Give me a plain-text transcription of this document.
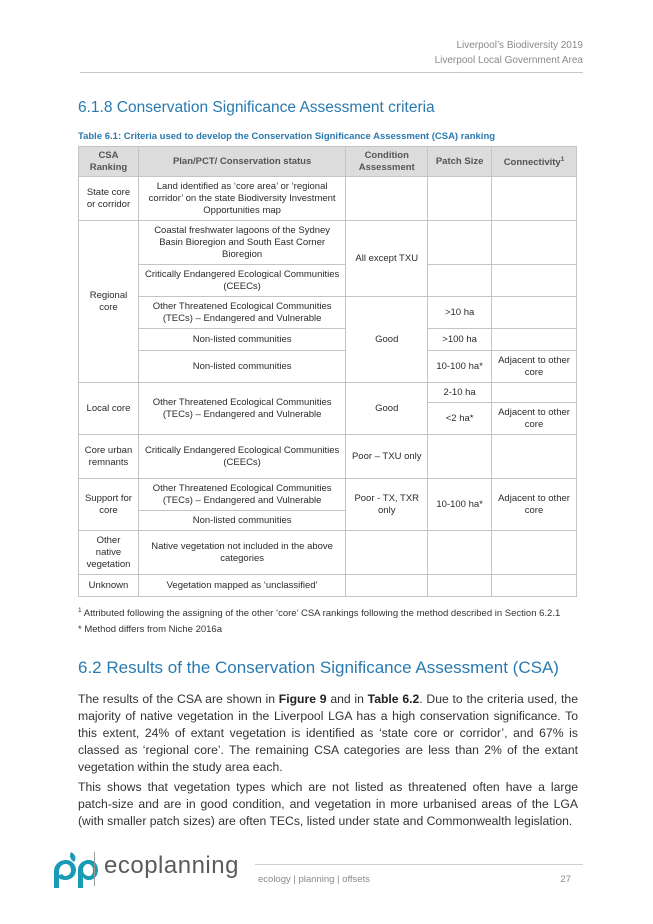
Liverpool’s Biodiversity 2019
Liverpool Local Government Area
6.1.8 Conservation Significance Assessment criteria
Table 6.1: Criteria used to develop the Conservation Significance Assessment (CSA) ranking
CSA Ranking	Plan/PCT/ Conservation status	Condition Assessment	Patch Size	Connectivity$^1$
State core or corridor	Land identified as ‘core area’ or ‘regional corridor’ on the state Biodiversity Investment Opportunities map			
Regional core	Coastal freshwater lagoons of the Sydney Basin Bioregion and South East Corner Bioregion	All except TXU		
	Critically Endangered Ecological Communities (CEECs)			
	Other Threatened Ecological Communities (TECs) – Endangered and Vulnerable	Good	>10 ha	
	Non-listed communities		>100 ha	
	Non-listed communities		10-100 ha*	Adjacent to other core
Local core	Other Threatened Ecological Communities (TECs) – Endangered and Vulnerable	Good	2-10 ha	
			<2 ha*	Adjacent to other core
Core urban remnants	Critically Endangered Ecological Communities (CEECs)	Poor – TXU only		
Support for core	Other Threatened Ecological Communities (TECs) – Endangered and Vulnerable	Poor - TX, TXR only	10-100 ha*	Adjacent to other core
	Non-listed communities			
Other native vegetation	Native vegetation not included in the above categories			
Unknown	Vegetation mapped as ‘unclassified’			
$^1$ Attributed following the assigning of the other ‘core’ CSA rankings following the method described in Section 6.2.1
* Method differs from Niche 2016a
6.2 Results of the Conservation Significance Assessment (CSA)

The results of the CSA are shown in Figure 9 and in Table 6.2. Due to the criteria used, the majority of native vegetation in the Liverpool LGA has a high conservation significance. To this extent, 24% of extant vegetation is identified as ‘state core or corridor’, and 67% is classed as ‘regional core’. The remaining CSA categories are less than 2% of the extant vegetation within the study area each.

This shows that vegetation types which are not listed as threatened often have a large patch-size and are in good condition, and vegetation in more urbanised areas of the LGA (with smaller patch sizes) are often TECs, listed under state and Commonwealth legislation.

ecoplanning
ecology | planning | offsets	27
